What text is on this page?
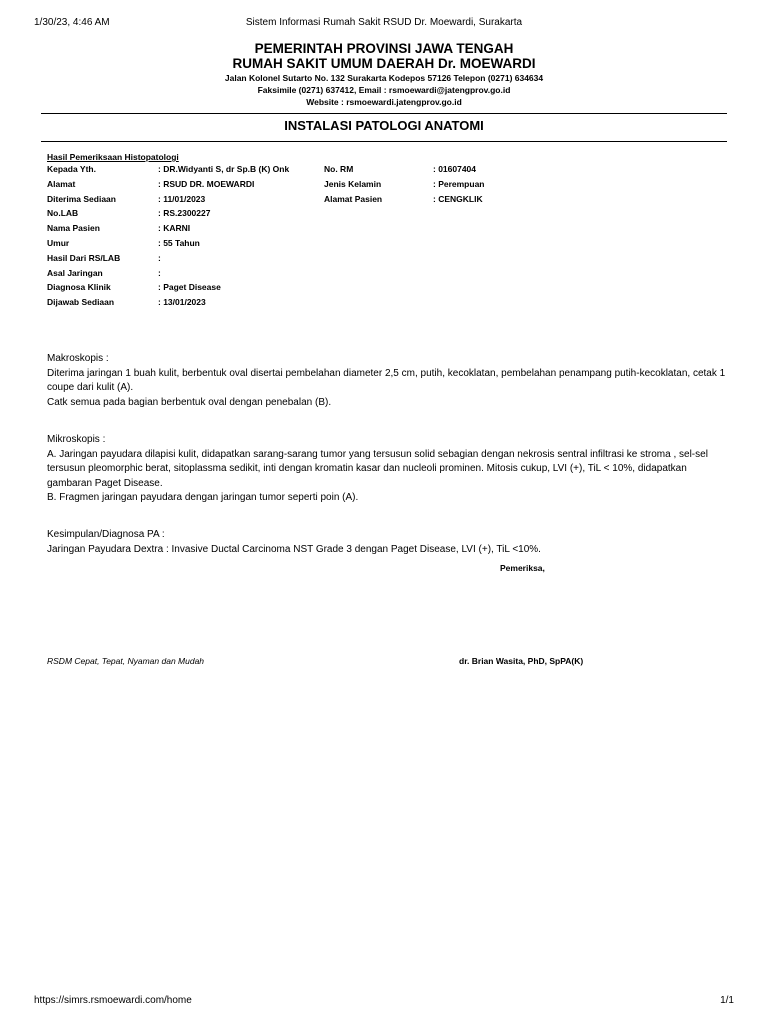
1/30/23, 4:46 AM	Sistem Informasi Rumah Sakit RSUD Dr. Moewardi, Surakarta
PEMERINTAH PROVINSI JAWA TENGAH
RUMAH SAKIT UMUM DAERAH Dr. MOEWARDI
Jalan Kolonel Sutarto No. 132 Surakarta Kodepos 57126 Telepon (0271) 634634
Faksimile (0271) 637412, Email : rsmoewardi@jatengprov.go.id
Website : rsmoewardi.jatengprov.go.id
INSTALASI PATOLOGI ANATOMI
Hasil Pemeriksaan Histopatologi
Kepada Yth.	: DR.Widyanti S, dr Sp.B (K) Onk	No. RM	: 01607404
Alamat	: RSUD DR. MOEWARDI	Jenis Kelamin	: Perempuan
Diterima Sediaan	: 11/01/2023	Alamat Pasien	: CENGKLIK
No.LAB	: RS.2300227
Nama Pasien	: KARNI
Umur	: 55 Tahun
Hasil Dari RS/LAB	:
Asal Jaringan	:
Diagnosa Klinik	: Paget Disease
Dijawab Sediaan	: 13/01/2023

Makroskopis :

Diterima jaringan 1 buah kulit, berbentuk oval disertai pembelahan diameter 2,5 cm, putih, kecoklatan, pembelahan penampang putih-kecoklatan, cetak 1 coupe dari kulit (A).

Catk semua pada bagian berbentuk oval dengan penebalan (B).

Mikroskopis :

A. Jaringan payudara dilapisi kulit, didapatkan sarang-sarang tumor yang tersusun solid sebagian dengan nekrosis sentral infiltrasi ke stroma , sel-sel tersusun pleomorphic berat, sitoplassma sedikit, inti dengan kromatin kasar dan nucleoli prominen. Mitosis cukup, LVI (+), TiL < 10%, didapatkan gambaran Paget Disease.

B. Fragmen jaringan payudara dengan jaringan tumor seperti poin (A).

Kesimpulan/Diagnosa PA :

Jaringan Payudara Dextra : Invasive Ductal Carcinoma NST Grade 3 dengan Paget Disease, LVI (+), TiL <10%.

Pemeriksa,
RSDM Cepat, Tepat, Nyaman dan Mudah	dr. Brian Wasita, PhD, SpPA(K)
https://simrs.rsmoewardi.com/home	1/1
